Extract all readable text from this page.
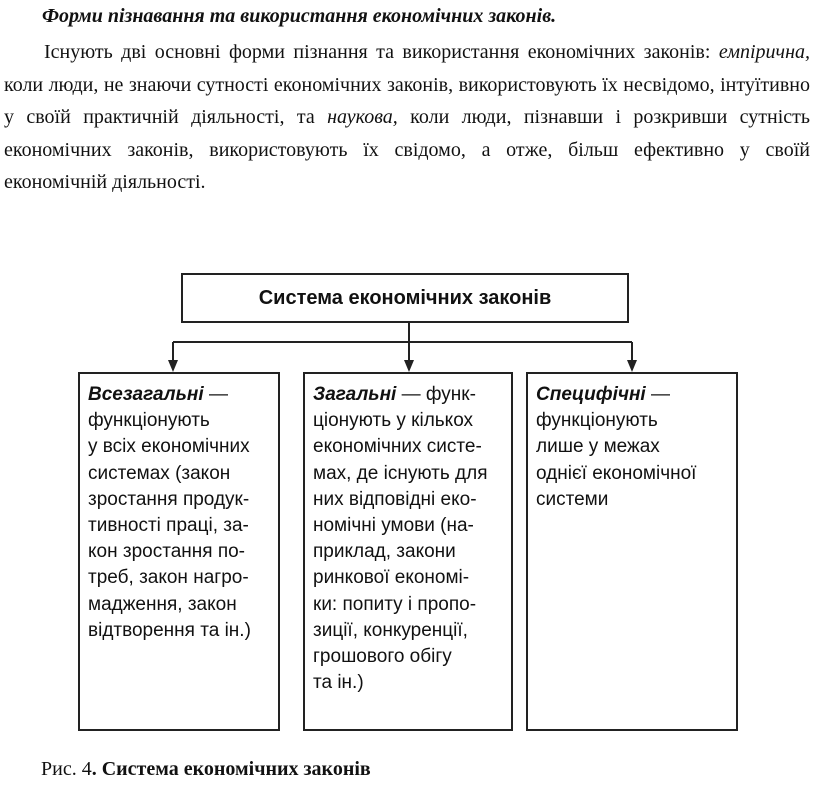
Форми пізнавання та використання економічних законів.

Існують дві основні форми пізнання та використання економічних законів: емпірична, коли люди, не знаючи сутності економічних законів, використовують їх несвідомо, інтуїтивно у своїй практичній діяльності, та наукова, коли люди, пізнавши і розкривши сутність економічних законів, використовують їх свідомо, а отже, більш ефективно у своїй економічній діяльності.

Система економічних законів
Всезагальні —
функціонують
у всіх економічних
системах (закон
зростання продук-
тивності праці, за-
кон зростання по-
треб, закон нагро-
мадження, закон
відтворення та ін.)
Загальні — функ-
ціонують у кількох
економічних систе-
мах, де існують для
них відповідні еко-
номічні умови (на-
приклад, закони
ринкової економі-
ки: попиту і пропо-
зиції, конкуренції,
грошового обігу
та ін.)
Специфічні —
функціонують
лише у межах
однієї економічної
системи
Рис. 4. Система економічних законів
